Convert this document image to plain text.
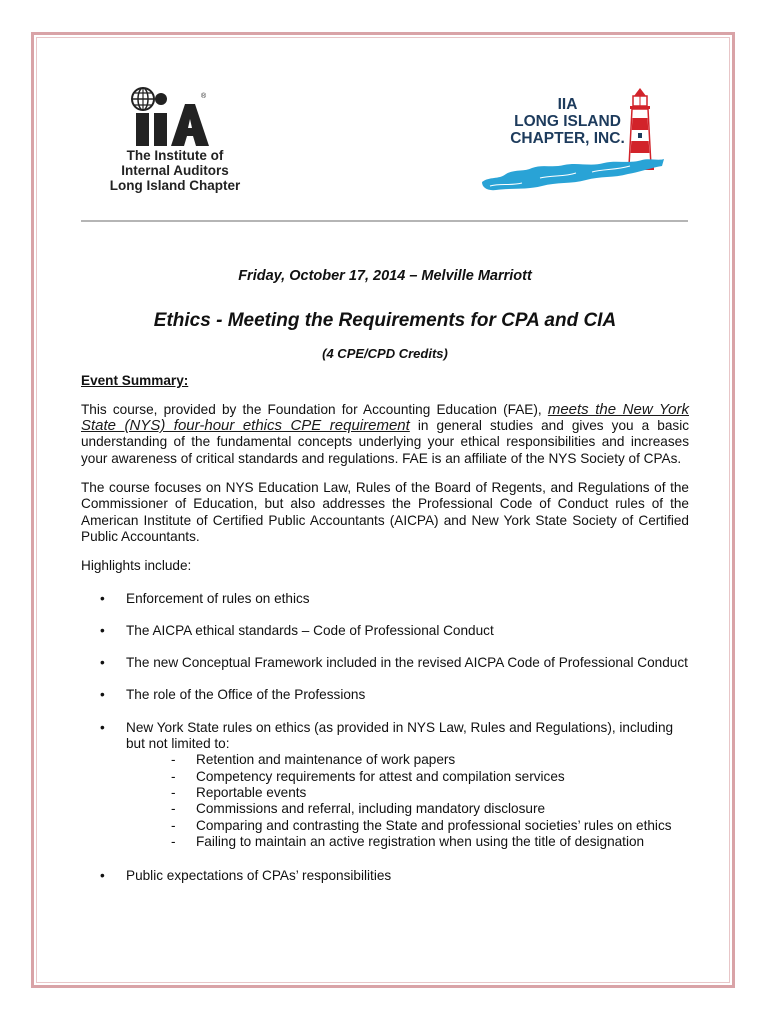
®
The Institute of
Internal Auditors
Long Island Chapter
IIA
LONG ISLAND
CHAPTER, INC.

Friday, October 17, 2014 – Melville Marriott

Ethics - Meeting the Requirements for CPA and CIA

(4 CPE/CPD Credits)

Event Summary:

This course, provided by the Foundation for Accounting Education (FAE), meets the New York State (NYS) four-hour ethics CPE requirement in general studies and gives you a basic understanding of the fundamental concepts underlying your ethical responsibilities and increases your awareness of critical standards and regulations. FAE is an affiliate of the NYS Society of CPAs.

The course focuses on NYS Education Law, Rules of the Board of Regents, and Regulations of the Commissioner of Education, but also addresses the Professional Code of Conduct rules of the American Institute of Certified Public Accountants (AICPA) and New York State Society of Certified Public Accountants.

Highlights include:

• Enforcement of rules on ethics
• The AICPA ethical standards – Code of Professional Conduct
• The new Conceptual Framework included in the revised AICPA Code of Professional Conduct
• The role of the Office of the Professions
• New York State rules on ethics (as provided in NYS Law, Rules and Regulations), including but not limited to:
- Retention and maintenance of work papers
- Competency requirements for attest and compilation services
- Reportable events
- Commissions and referral, including mandatory disclosure
- Comparing and contrasting the State and professional societies’ rules on ethics
- Failing to maintain an active registration when using the title of designation
• Public expectations of CPAs’ responsibilities
